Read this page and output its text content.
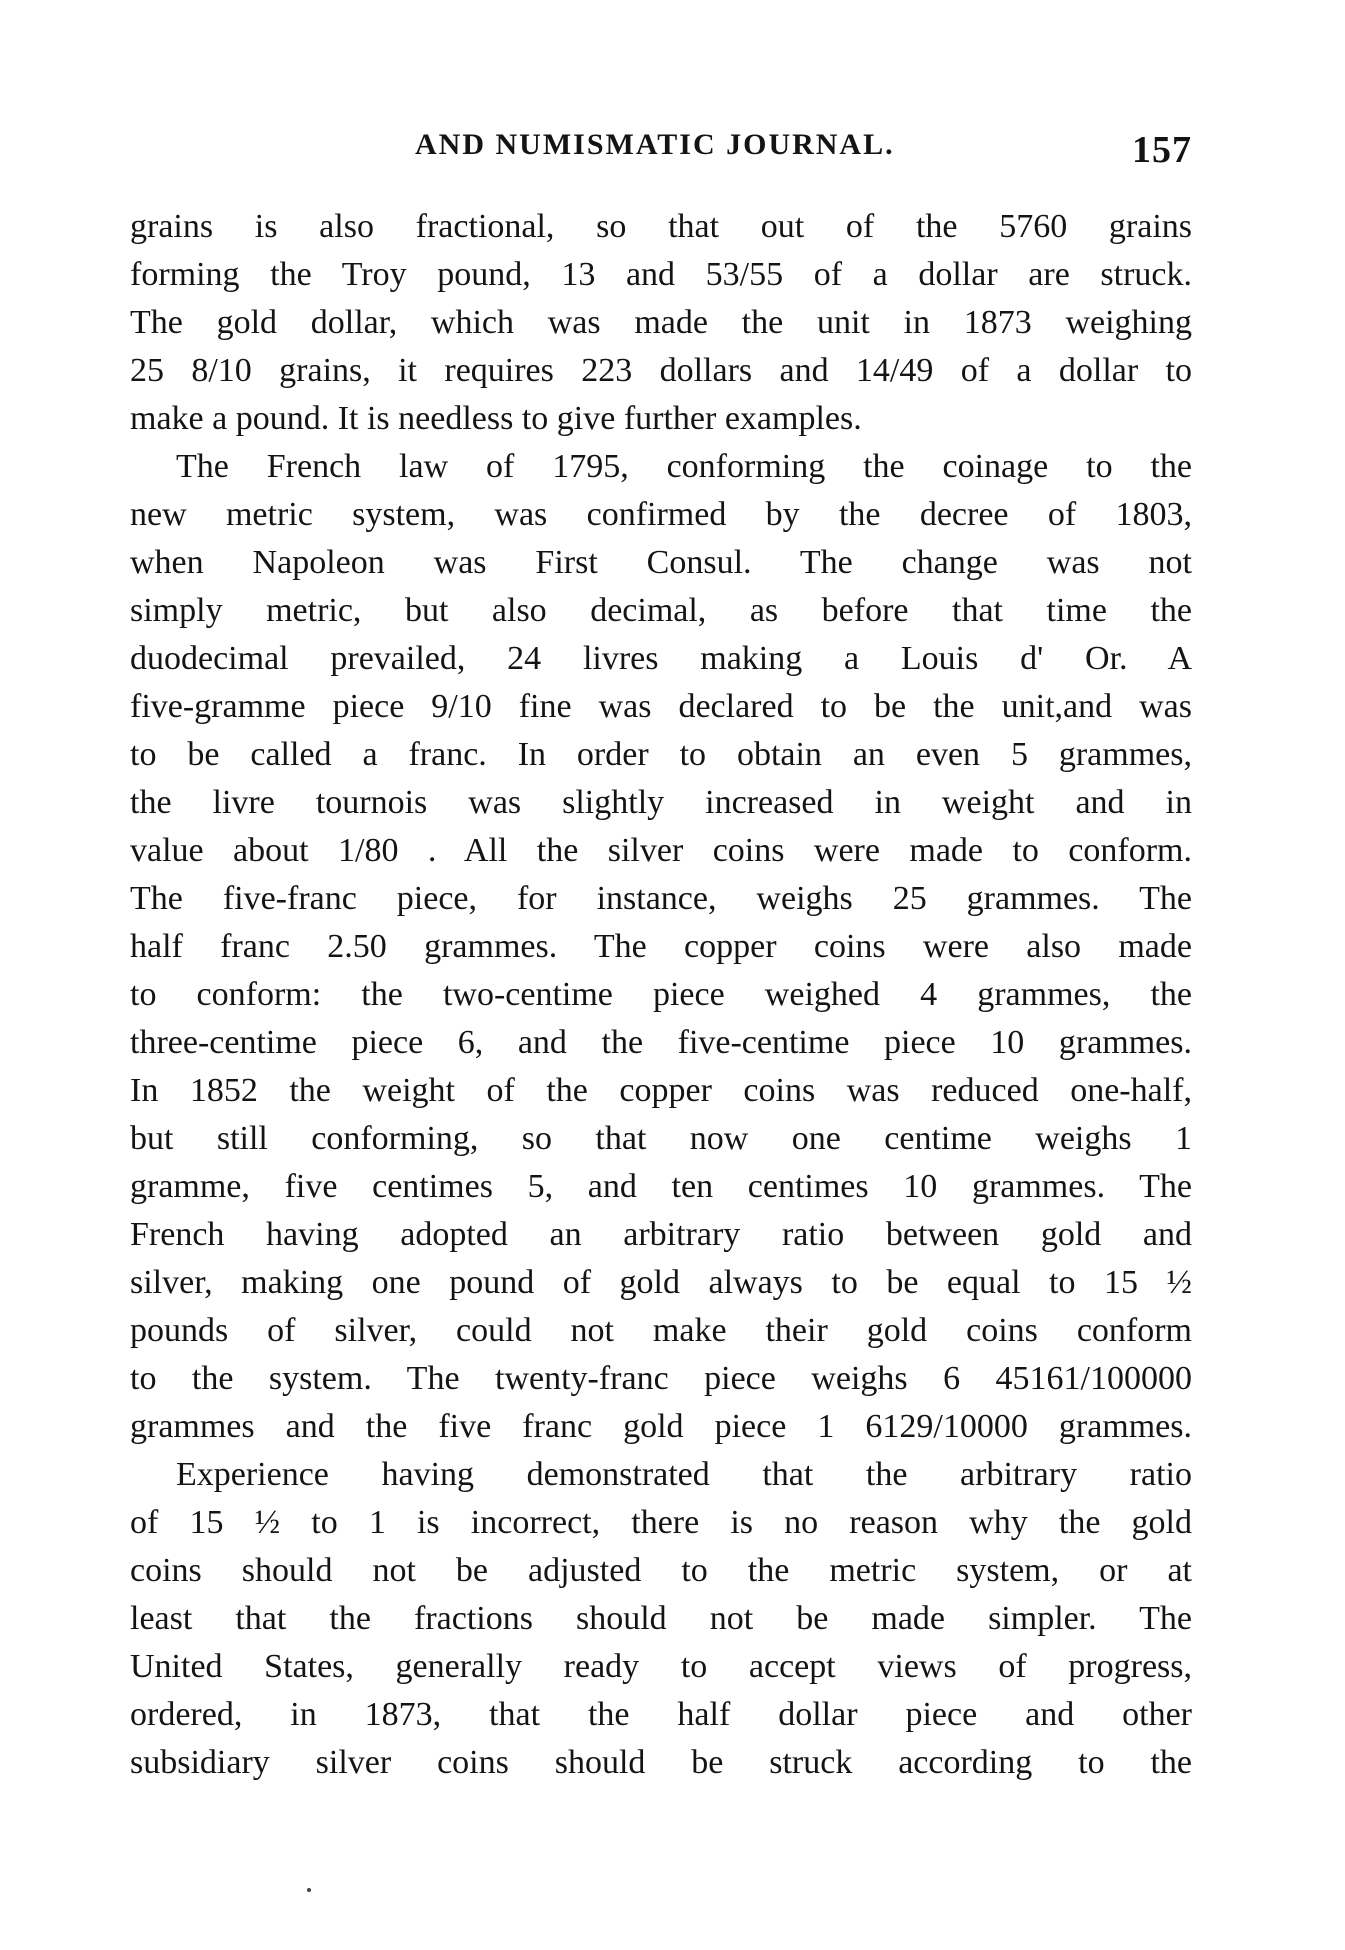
AND NUMISMATIC JOURNAL.	157
grains is also fractional, so that out of the 5760 grains
forming the Troy pound, 13 and 53/55 of a dollar are struck.
The gold dollar, which was made the unit in 1873 weighing
25 8/10 grains, it requires 223 dollars and 14/49 of a dollar to
make a pound. It is needless to give further examples.
The French law of 1795, conforming the coinage to the
new metric system, was confirmed by the decree of 1803,
when Napoleon was First Consul. The change was not
simply metric, but also decimal, as before that time the
duodecimal prevailed, 24 livres making a Louis d' Or. A
five-gramme piece 9/10 fine was declared to be the unit,and was
to be called a franc. In order to obtain an even 5 grammes,
the livre tournois was slightly increased in weight and in
value about 1/80 . All the silver coins were made to conform.
The five-franc piece, for instance, weighs 25 grammes. The
half franc 2.50 grammes. The copper coins were also made
to conform: the two-centime piece weighed 4 grammes, the
three-centime piece 6, and the five-centime piece 10 grammes.
In 1852 the weight of the copper coins was reduced one-half,
but still conforming, so that now one centime weighs 1
gramme, five centimes 5, and ten centimes 10 grammes. The
French having adopted an arbitrary ratio between gold and
silver, making one pound of gold always to be equal to 15 ½
pounds of silver, could not make their gold coins conform
to the system. The twenty-franc piece weighs 6 45161/100000
grammes and the five franc gold piece 1 6129/10000 grammes.
Experience having demonstrated that the arbitrary ratio
of 15 ½ to 1 is incorrect, there is no reason why the gold
coins should not be adjusted to the metric system, or at
least that the fractions should not be made simpler. The
United States, generally ready to accept views of progress,
ordered, in 1873, that the half dollar piece and other
subsidiary silver coins should be struck according to the
